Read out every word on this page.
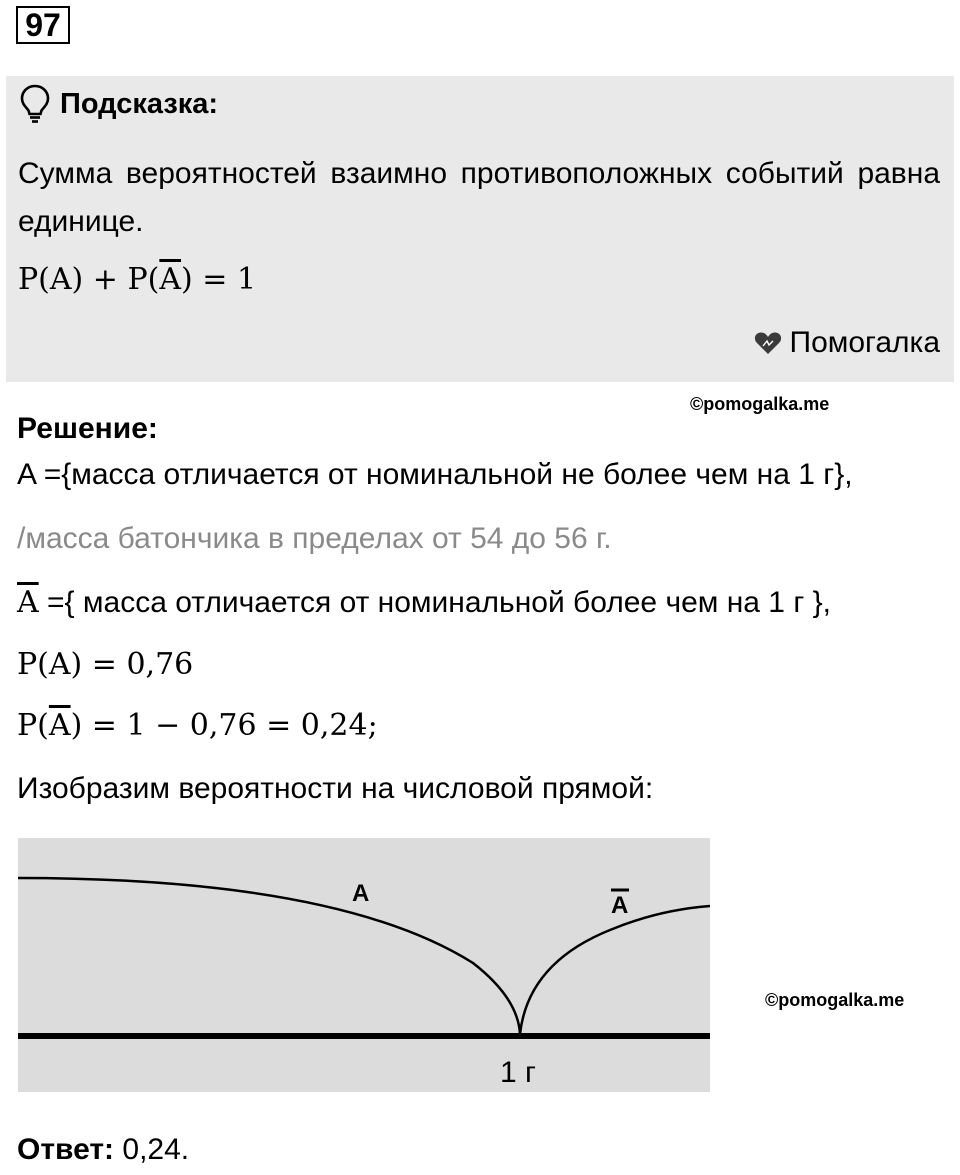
97
Подсказка:
Сумма вероятностей взаимно противоположных событий равна единице.
$P(A) + P(\overline{A}) = 1$
Помогалка
©pomogalka.me
Решение:
A ={масса отличается от номинальной не более чем на 1 г},
/масса батончика в пределах от 54 до 56 г.
$\overline{A}$ ={ масса отличается от номинальной более чем на 1 г },
P(A) = 0,76
$P(\overline{A}) = 1 - 0,76 = 0,24$;
Изобразим вероятности на числовой прямой:
A	A
1 г
©pomogalka.me
Ответ: 0,24.
